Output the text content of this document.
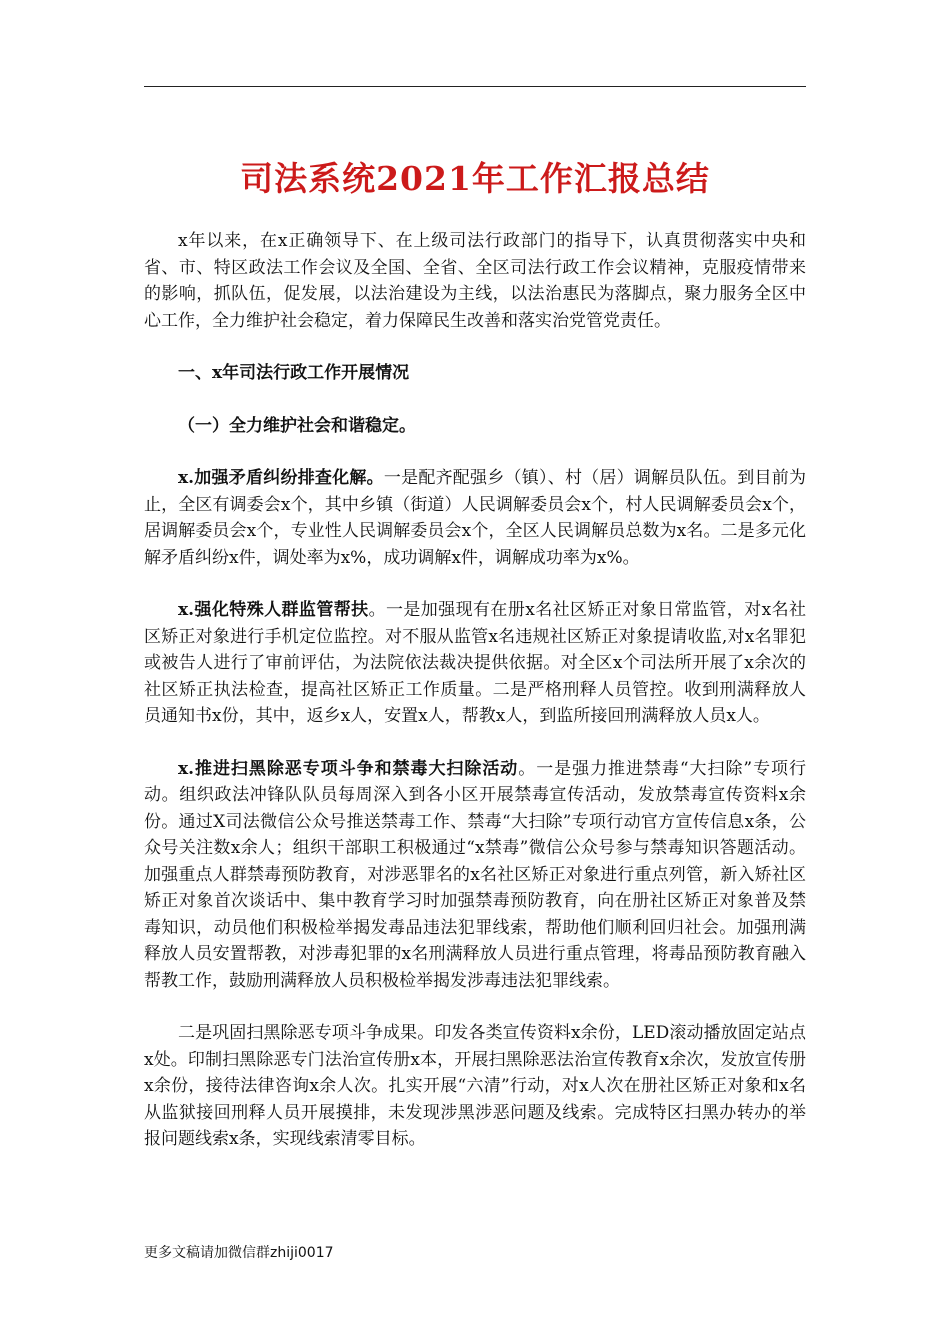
司法系统2021年工作汇报总结

x年以来，在x正确领导下、在上级司法行政部门的指导下，认真贯彻落实中央和省、市、特区政法工作会议及全国、全省、全区司法行政工作会议精神，克服疫情带来的影响，抓队伍，促发展，以法治建设为主线，以法治惠民为落脚点，聚力服务全区中心工作，全力维护社会稳定，着力保障民生改善和落实治党管党责任。

一、x年司法行政工作开展情况

（一）全力维护社会和谐稳定。

x.加强矛盾纠纷排查化解。一是配齐配强乡（镇）、村（居）调解员队伍。到目前为止，全区有调委会x个，其中乡镇（街道）人民调解委员会x个，村人民调解委员会x个，居调解委员会x个，专业性人民调解委员会x个，全区人民调解员总数为x名。二是多元化解矛盾纠纷x件，调处率为x%，成功调解x件，调解成功率为x%。

x.强化特殊人群监管帮扶。一是加强现有在册x名社区矫正对象日常监管，对x名社区矫正对象进行手机定位监控。对不服从监管x名违规社区矫正对象提请收监,对x名罪犯或被告人进行了审前评估，为法院依法裁决提供依据。对全区x个司法所开展了x余次的社区矫正执法检查，提高社区矫正工作质量。二是严格刑释人员管控。收到刑满释放人员通知书x份，其中，返乡x人，安置x人，帮教x人，到监所接回刑满释放人员x人。

x.推进扫黑除恶专项斗争和禁毒大扫除活动。一是强力推进禁毒“大扫除”专项行动。组织政法冲锋队队员每周深入到各小区开展禁毒宣传活动，发放禁毒宣传资料x余份。通过X司法微信公众号推送禁毒工作、禁毒“大扫除”专项行动官方宣传信息x条，公众号关注数x余人；组织干部职工积极通过“x禁毒”微信公众号参与禁毒知识答题活动。加强重点人群禁毒预防教育，对涉恶罪名的x名社区矫正对象进行重点列管，新入矫社区矫正对象首次谈话中、集中教育学习时加强禁毒预防教育，向在册社区矫正对象普及禁毒知识，动员他们积极检举揭发毒品违法犯罪线索，帮助他们顺利回归社会。加强刑满释放人员安置帮教，对涉毒犯罪的x名刑满释放人员进行重点管理，将毒品预防教育融入帮教工作，鼓励刑满释放人员积极检举揭发涉毒违法犯罪线索。

二是巩固扫黑除恶专项斗争成果。印发各类宣传资料x余份，LED滚动播放固定站点x处。印制扫黑除恶专门法治宣传册x本，开展扫黑除恶法治宣传教育x余次，发放宣传册x余份，接待法律咨询x余人次。扎实开展“六清”行动，对x人次在册社区矫正对象和x名从监狱接回刑释人员开展摸排，未发现涉黑涉恶问题及线索。完成特区扫黑办转办的举报问题线索x条，实现线索清零目标。

更多文稿请加微信群zhiji0017
